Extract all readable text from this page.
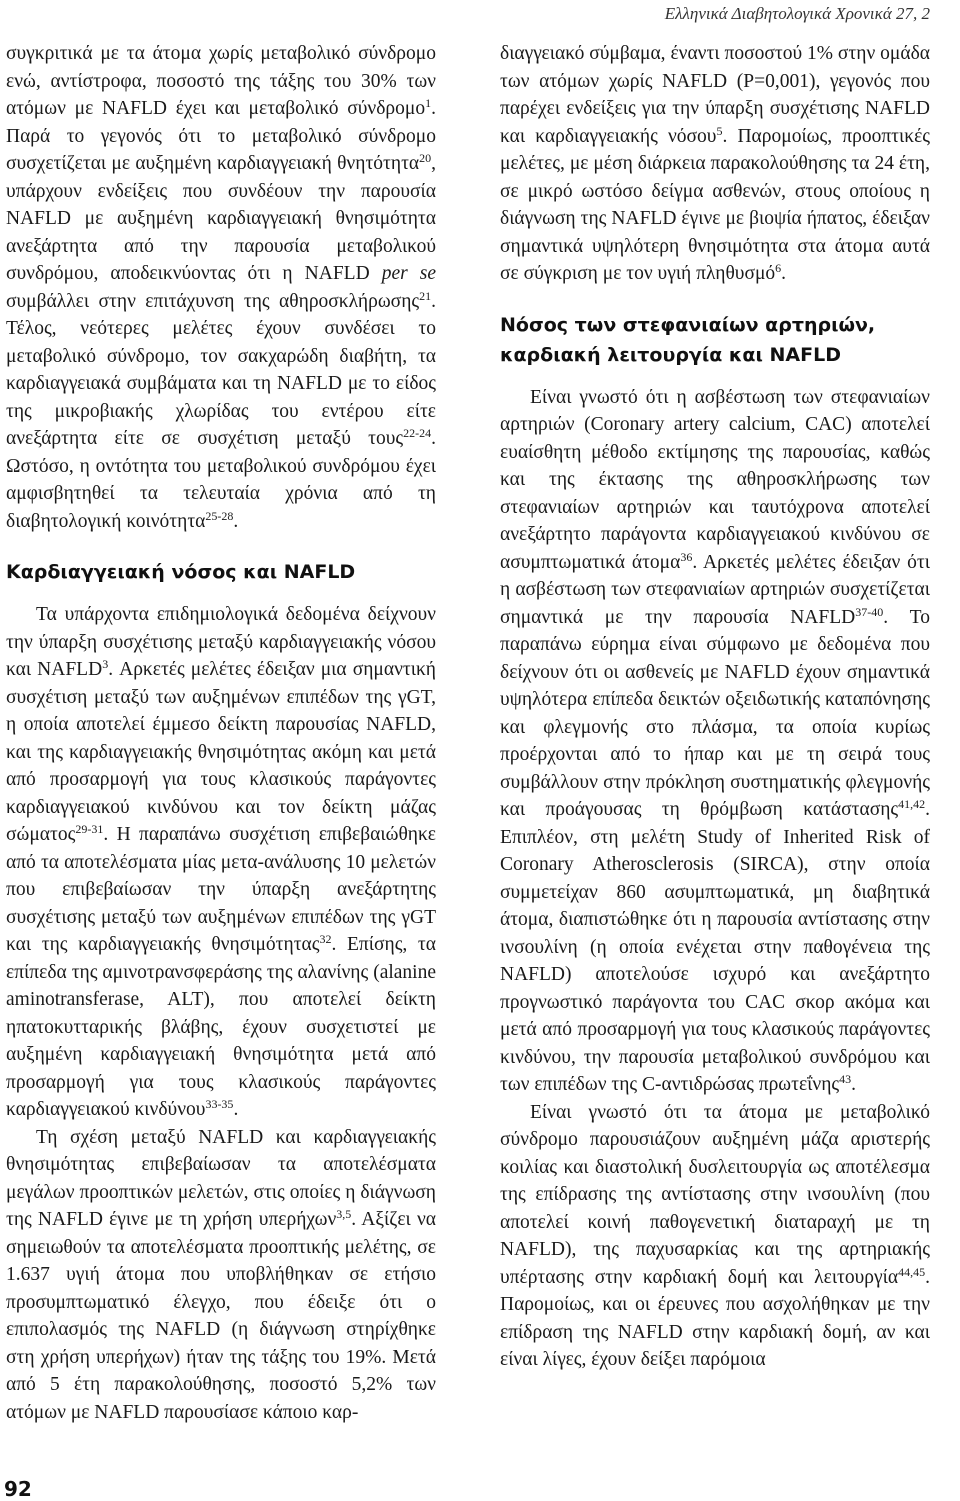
Ελληνικά Διαβητολογικά Χρονικά 27, 2

συγκριτικά με τα άτομα χωρίς μεταβολικό σύνδρομο ενώ, αντίστροφα, ποσοστό της τάξης του 30% των ατόμων με NAFLD έχει και μεταβολικό σύνδρομο$^1$. Παρά το γεγονός ότι το μεταβολικό σύνδρομο συσχετίζεται με αυξημένη καρδιαγγειακή θνητότητα$^{20}$, υπάρχουν ενδείξεις που συνδέουν την παρουσία NAFLD με αυξημένη καρδιαγγειακή θνησιμότητα ανεξάρτητα από την παρουσία μεταβολικού συνδρόμου, αποδεικνύοντας ότι η NAFLD per se συμβάλλει στην επιτάχυνση της αθηροσκλήρωσης$^{21}$. Τέλος, νεότερες μελέτες έχουν συνδέσει το μεταβολικό σύνδρομο, τον σακχαρώδη διαβήτη, τα καρδιαγγειακά συμβάματα και τη NAFLD με το είδος της μικροβιακής χλωρίδας του εντέρου είτε ανεξάρτητα είτε σε συσχέτιση μεταξύ τους$^{22-24}$. Ωστόσο, η οντότητα του μεταβολικού συνδρόμου έχει αμφισβητηθεί τα τελευταία χρόνια από τη διαβητολογική κοινότητα$^{25-28}$.

Καρδιαγγειακή νόσος και NAFLD

Τα υπάρχοντα επιδημιολογικά δεδομένα δείχνουν την ύπαρξη συσχέτισης μεταξύ καρδιαγγειακής νόσου και NAFLD$^3$. Αρκετές μελέτες έδειξαν μια σημαντική συσχέτιση μεταξύ των αυξημένων επιπέδων της γGT, η οποία αποτελεί έμμεσο δείκτη παρουσίας NAFLD, και της καρδιαγγειακής θνησιμότητας ακόμη και μετά από προσαρμογή για τους κλασικούς παράγοντες καρδιαγγειακού κινδύνου και τον δείκτη μάζας σώματος$^{29-31}$. Η παραπάνω συσχέτιση επιβεβαιώθηκε από τα αποτελέσματα μίας μετα-ανάλυσης 10 μελετών που επιβεβαίωσαν την ύπαρξη ανεξάρτητης συσχέτισης μεταξύ των αυξημένων επιπέδων της γGT και της καρδιαγγειακής θνησιμότητας$^{32}$. Επίσης, τα επίπεδα της αμινοτρανσφεράσης της αλανίνης (alanine aminotransferase, ALT), που αποτελεί δείκτη ηπατοκυτταρικής βλάβης, έχουν συσχετιστεί με αυξημένη καρδιαγγειακή θνησιμότητα μετά από προσαρμογή για τους κλασικούς παράγοντες καρδιαγγειακού κινδύνου$^{33-35}$.

Τη σχέση μεταξύ NAFLD και καρδιαγγειακής θνησιμότητας επιβεβαίωσαν τα αποτελέσματα μεγάλων προοπτικών μελετών, στις οποίες η διάγνωση της NAFLD έγινε με τη χρήση υπερήχων$^{3,5}$. Αξίζει να σημειωθούν τα αποτελέσματα προοπτικής μελέτης, σε 1.637 υγιή άτομα που υποβλήθηκαν σε ετήσιο προσυμπτωματικό έλεγχο, που έδειξε ότι ο επιπολασμός της NAFLD (η διάγνωση στηρίχθηκε στη χρήση υπερήχων) ήταν της τάξης του 19%. Μετά από 5 έτη παρακολούθησης, ποσοστό 5,2% των ατόμων με NAFLD παρουσίασε κάποιο καρ-

διαγγειακό σύμβαμα, έναντι ποσοστού 1% στην ομάδα των ατόμων χωρίς NAFLD (P=0,001), γεγονός που παρέχει ενδείξεις για την ύπαρξη συσχέτισης NAFLD και καρδιαγγειακής νόσου$^5$. Παρομοίως, προοπτικές μελέτες, με μέση διάρκεια παρακολούθησης τα 24 έτη, σε μικρό ωστόσο δείγμα ασθενών, στους οποίους η διάγνωση της NAFLD έγινε με βιοψία ήπατος, έδειξαν σημαντικά υψηλότερη θνησιμότητα στα άτομα αυτά σε σύγκριση με τον υγιή πληθυσμό$^6$.

Νόσος των στεφανιαίων αρτηριών,
καρδιακή λειτουργία και NAFLD

Είναι γνωστό ότι η ασβέστωση των στεφανιαίων αρτηριών (Coronary artery calcium, CAC) αποτελεί ευαίσθητη μέθοδο εκτίμησης της παρουσίας, καθώς και της έκτασης της αθηροσκλήρωσης των στεφανιαίων αρτηριών και ταυτόχρονα αποτελεί ανεξάρτητο παράγοντα καρδιαγγειακού κινδύνου σε ασυμπτωματικά άτομα$^{36}$. Αρκετές μελέτες έδειξαν ότι η ασβέστωση των στεφανιαίων αρτηριών συσχετίζεται σημαντικά με την παρουσία NAFLD$^{37-40}$. Το παραπάνω εύρημα είναι σύμφωνο με δεδομένα που δείχνουν ότι οι ασθενείς με NAFLD έχουν σημαντικά υψηλότερα επίπεδα δεικτών οξειδωτικής καταπόνησης και φλεγμονής στο πλάσμα, τα οποία κυρίως προέρχονται από το ήπαρ και με τη σειρά τους συμβάλλουν στην πρόκληση συστηματικής φλεγμονής και προάγουσας τη θρόμβωση κατάστασης$^{41,42}$. Επιπλέον, στη μελέτη Study of Inherited Risk of Coronary Atherosclerosis (SIRCA), στην οποία συμμετείχαν 860 ασυμπτωματικά, μη διαβητικά άτομα, διαπιστώθηκε ότι η παρουσία αντίστασης στην ινσουλίνη (η οποία ενέχεται στην παθογένεια της NAFLD) αποτελούσε ισχυρό και ανεξάρτητο προγνωστικό παράγοντα του CAC σκορ ακόμα και μετά από προσαρμογή για τους κλασικούς παράγοντες κινδύνου, την παρουσία μεταβολικού συνδρόμου και των επιπέδων της C-αντιδρώσας πρωτεΐνης$^{43}$.

Είναι γνωστό ότι τα άτομα με μεταβολικό σύνδρομο παρουσιάζουν αυξημένη μάζα αριστερής κοιλίας και διαστολική δυσλειτουργία ως αποτέλεσμα της επίδρασης της αντίστασης στην ινσουλίνη (που αποτελεί κοινή παθογενετική διαταραχή με τη NAFLD), της παχυσαρκίας και της αρτηριακής υπέρτασης στην καρδιακή δομή και λειτουργία$^{44,45}$. Παρομοίως, και οι έρευνες που ασχολήθηκαν με την επίδραση της NAFLD στην καρδιακή δομή, αν και είναι λίγες, έχουν δείξει παρόμοια

92
